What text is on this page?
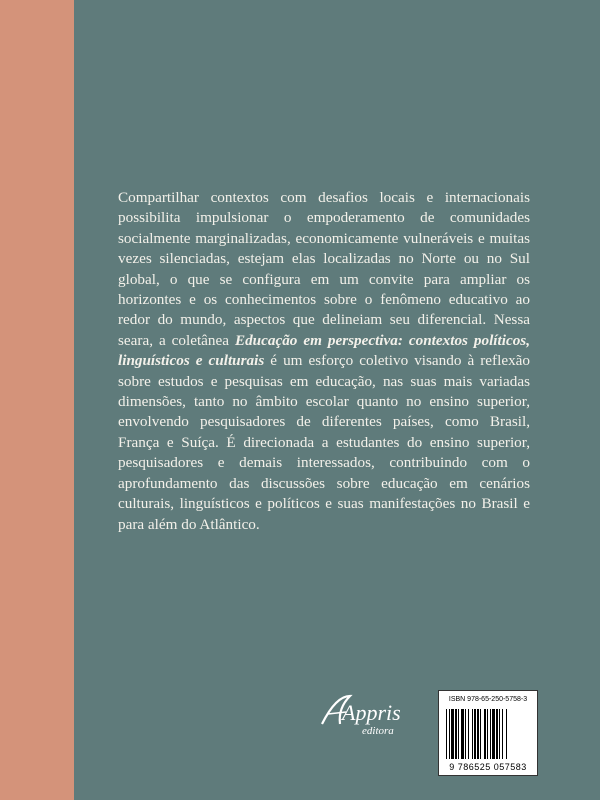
Compartilhar contextos com desafios locais e internacionais possibilita impulsionar o empoderamento de comunidades socialmente marginalizadas, economicamente vulneráveis e muitas vezes silenciadas, estejam elas localizadas no Norte ou no Sul global, o que se configura em um convite para ampliar os horizontes e os conhecimentos sobre o fenômeno educativo ao redor do mundo, aspectos que delineiam seu diferencial. Nessa seara, a coletânea Educação em perspectiva: contextos políticos, linguísticos e culturais é um esforço coletivo visando à reflexão sobre estudos e pesquisas em educação, nas suas mais variadas dimensões, tanto no âmbito escolar quanto no ensino superior, envolvendo pesquisadores de diferentes países, como Brasil, França e Suíça. É direcionada a estudantes do ensino superior, pesquisadores e demais interessados, contribuindo com o aprofundamento das discussões sobre educação em cenários culturais, linguísticos e políticos e suas manifestações no Brasil e para além do Atlântico.

Appris
editora
ISBN 978-65-250-5758-3
9 786525 057583
